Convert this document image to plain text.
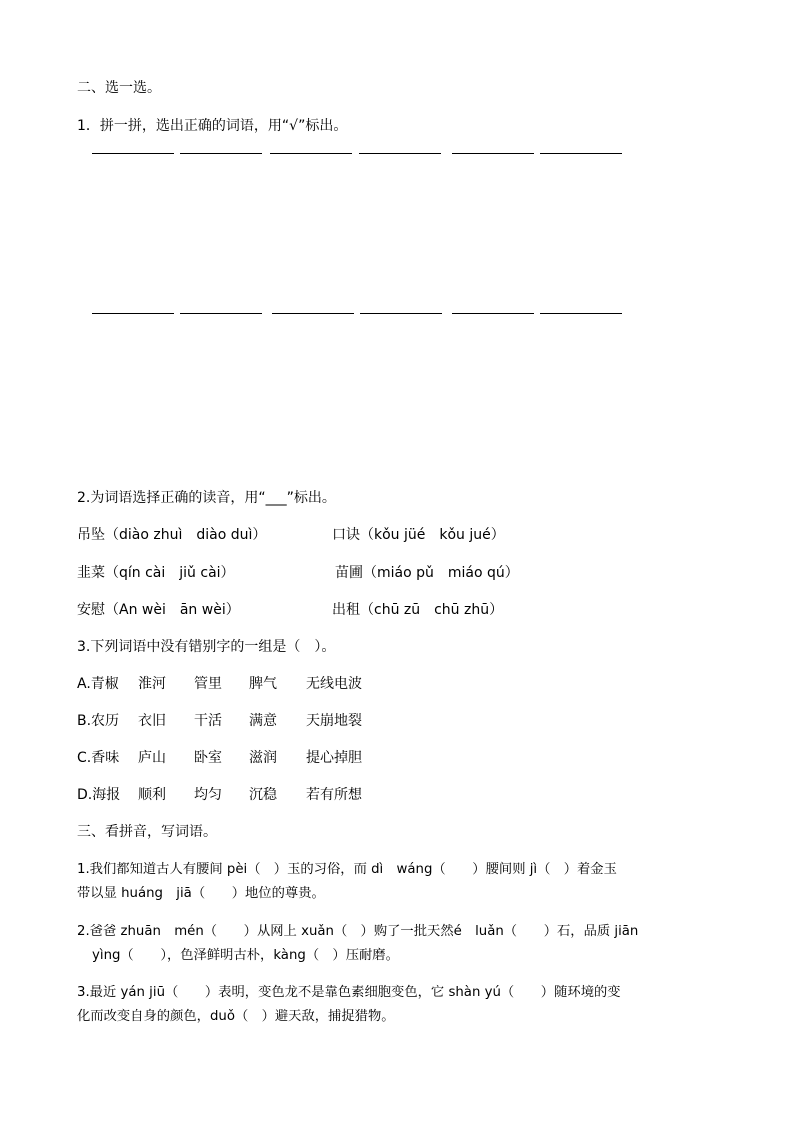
二、选一选。
1．拼一拼，选出正确的词语，用“√”标出。
2.为词语选择正确的读音，用“___”标出。
吊坠（diào zhuì　diào duì）	口诀（kǒu jüé　kǒu jué）
韭菜（qín cài　jiǔ cài）	苗圃（miáo pǔ　miáo qú）
安慰（An wèi　ān wèi）	出租（chū zū　chū zhū）
3.下列词语中没有错别字的一组是（　）。
A.青椒 淮河 管里 脾气 无线电波
B.农历 衣旧 干活 满意 天崩地裂
C.香味 庐山 卧室 滋润 提心掉胆
D.海报 顺利 均匀 沉稳 若有所想
三、看拼音，写词语。
1.我们都知道古人有腰间 pèi（　）玉的习俗，而 dì　wáng（　　）腰间则 jì（　）着金玉
带以显 huáng　jiā（　　）地位的尊贵。
2.爸爸 zhuān　mén（　　）从网上 xuǎn（　）购了一批天然é　luǎn（　　）石，品质 jiān
yìng（　　），色泽鲜明古朴，kàng（　）压耐磨。
3.最近 yán jiū（　　）表明，变色龙不是靠色素细胞变色，它 shàn yú（　　）随环境的变
化而改变自身的颜色，duǒ（　）避天敌，捕捉猎物。
